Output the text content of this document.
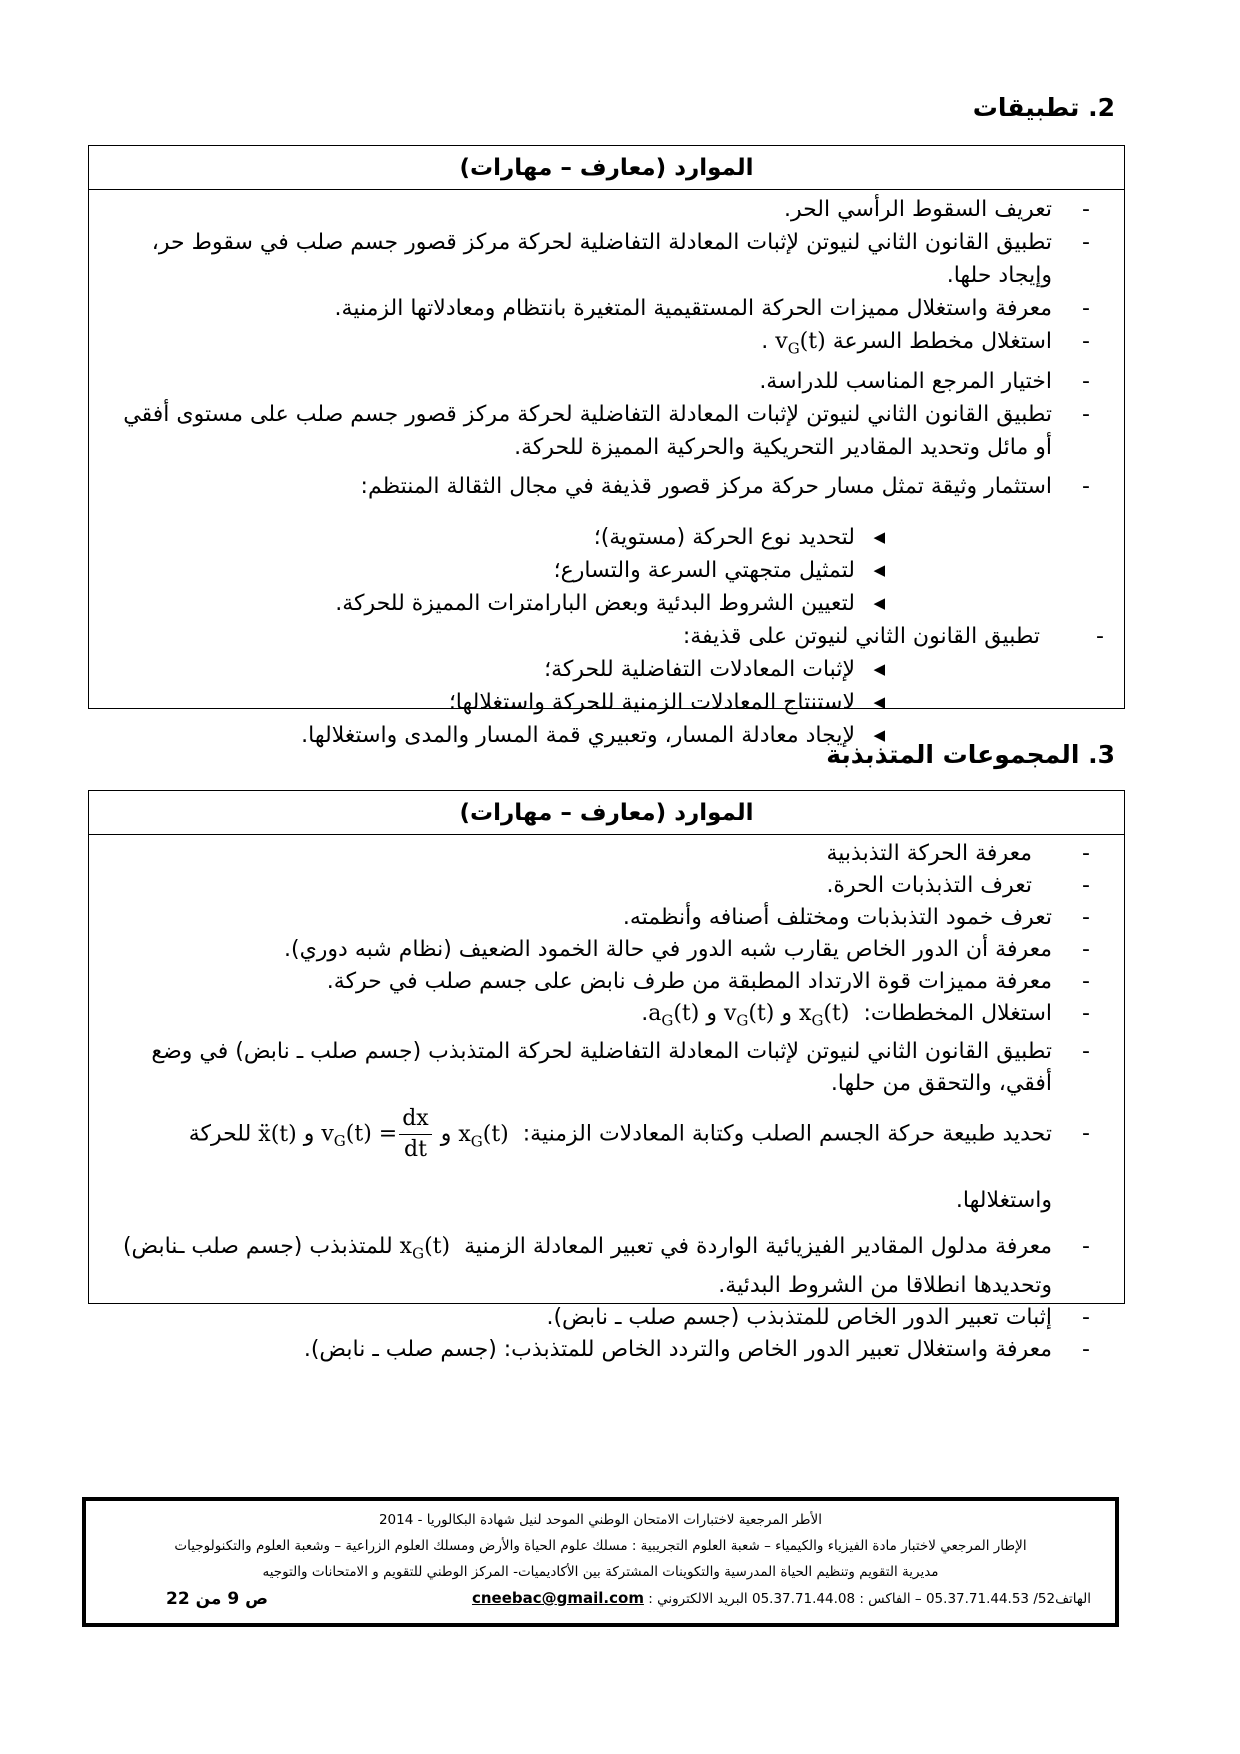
2. تطبيقات
الموارد (معارف – مهارات)
-
تعريف السقوط الرأسي الحر.
-
تطبيق القانون الثاني لنيوتن لإثبات المعادلة التفاضلية لحركة مركز قصور جسم صلب في سقوط حر، وإيجاد حلها.
-
معرفة واستغلال مميزات الحركة المستقيمية المتغيرة بانتظام ومعادلاتها الزمنية.
-
استغلال مخطط السرعة $v_G(t)$ .
-
اختيار المرجع المناسب للدراسة.
-
تطبيق القانون الثاني لنيوتن لإثبات المعادلة التفاضلية لحركة مركز قصور جسم صلب على مستوى أفقي أو مائل وتحديد المقادير التحريكية والحركية المميزة للحركة.
-
استثمار وثيقة تمثل مسار حركة مركز قصور قذيفة في مجال الثقالة المنتظم:
◀
لتحديد نوع الحركة (مستوية)؛
◀
لتمثيل متجهتي السرعة والتسارع؛
◀
لتعيين الشروط البدئية وبعض البارامترات المميزة للحركة.
-
تطبيق القانون الثاني لنيوتن على قذيفة:
◀
لإثبات المعادلات التفاضلية للحركة؛
◀
لاستنتاج المعادلات الزمنية للحركة واستغلالها؛
◀
لإيجاد معادلة المسار، وتعبيري قمة المسار والمدى واستغلالها.
3. المجموعات المتذبذبة
الموارد (معارف – مهارات)
-
معرفة الحركة التذبذبية
-
تعرف التذبذبات الحرة.
-
تعرف خمود التذبذبات ومختلف أصنافه وأنظمته.
-
معرفة أن الدور الخاص يقارب شبه الدور في حالة الخمود الضعيف (نظام شبه دوري).
-
معرفة مميزات قوة الارتداد المطبقة من طرف نابض على جسم صلب في حركة.
-
استغلال المخططات:  $x_G(t)$ و $v_G(t)$ و $a_G(t)$.
-
تطبيق القانون الثاني لنيوتن لإثبات المعادلة التفاضلية لحركة المتذبذب (جسم صلب ـ نابض) في وضع أفقي، والتحقق من حلها.
-
تحديد طبيعة حركة الجسم الصلب وكتابة المعادلات الزمنية:  $x_G(t)$ و $v_G(t) = \frac{dx}{dt}$
و ẍ(t) للحركة واستغلالها.
-
معرفة مدلول المقادير الفيزيائية الواردة في تعبير المعادلة الزمنية  $x_G(t)$ للمتذبذب (جسم صلب ـنابض) وتحديدها انطلاقا من الشروط البدئية.
-
إثبات تعبير الدور الخاص للمتذبذب (جسم صلب ـ نابض).
-
معرفة واستغلال تعبير الدور الخاص والتردد الخاص للمتذبذب: (جسم صلب ـ نابض).
الأطر المرجعية لاختبارات الامتحان الوطني الموحد لنيل شهادة البكالوريا - 2014
الإطار المرجعي لاختبار مادة الفيزياء والكيمياء – شعبة العلوم التجريبية : مسلك علوم الحياة والأرض ومسلك العلوم الزراعية – وشعبة العلوم والتكنولوجيات
مديرية التقويم وتنظيم الحياة المدرسية والتكوينات المشتركة بين الأكاديميات- المركز الوطني للتقويم و الامتحانات والتوجيه
الهاتف52/ 05.37.71.44.53 – الفاكس : 05.37.71.44.08 البريد الالكتروني : cneebac@gmail.com
ص 9 من 22
